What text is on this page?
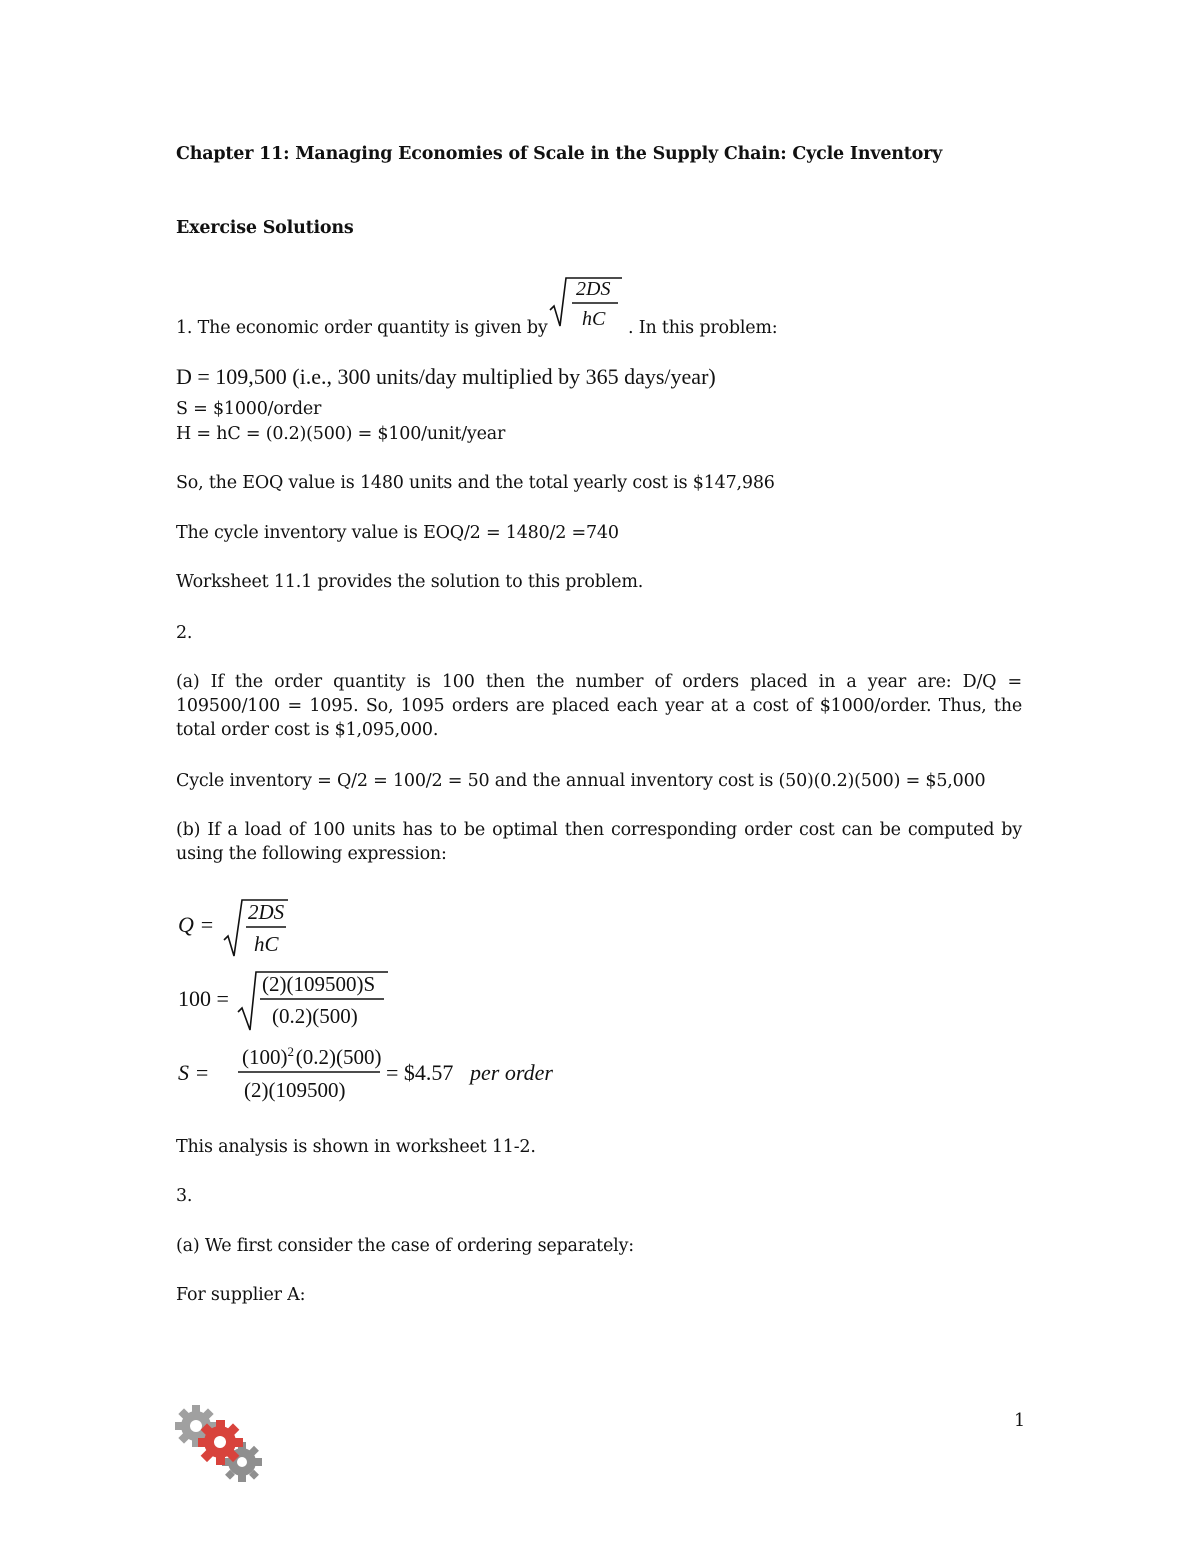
Chapter 11: Managing Economies of Scale in the Supply Chain: Cycle Inventory
Exercise Solutions
1. The economic order quantity is given by
2DS
hC . In this problem:
D = 109,500 (i.e., 300 units/day multiplied by 365 days/year)
S = $1000/order
H = hC = (0.2)(500) = $100/unit/year
So, the EOQ value is 1480 units and the total yearly cost is $147,986
The cycle inventory value is EOQ/2 = 1480/2 =740
Worksheet 11.1 provides the solution to this problem.
2.
(a) If the order quantity is 100 then the number of orders placed in a year are: D/Q = 109500/100 = 1095. So, 1095 orders are placed each year at a cost of $1000/order. Thus, the total order cost is $1,095,000.
Cycle inventory = Q/2 = 100/2 = 50 and the annual inventory cost is (50)(0.2)(500) = $5,000
(b) If a load of 100 units has to be optimal then corresponding order cost can be computed by using the following expression:
Q = 2DS
hC
100 =
(2)(109500)S
(0.2)(500)
S =
$(100)^2$ (0.2)(500)
(2)(109500)
= $4.57 per order
This analysis is shown in worksheet 11-2.
3.
(a) We first consider the case of ordering separately:
For supplier A:
1
